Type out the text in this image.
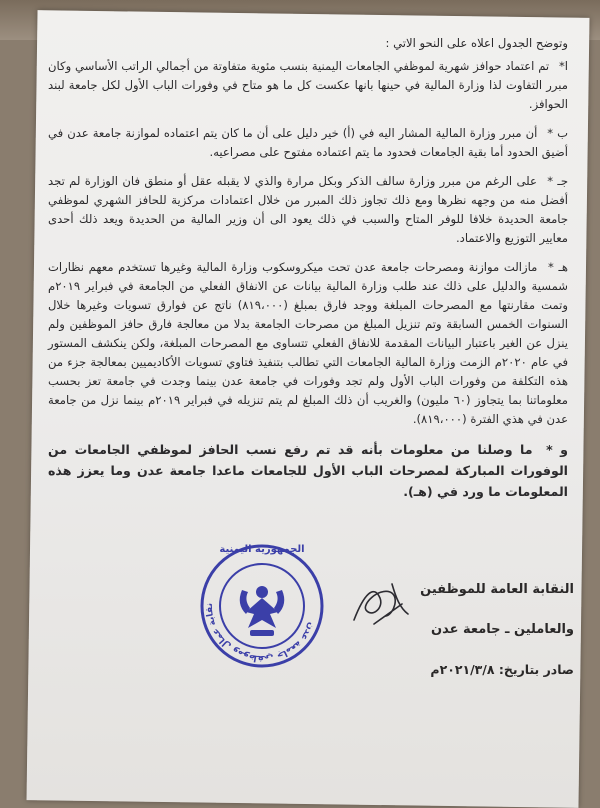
وتوضح الجدول اعلاه على النحو الاتي :

ا* تم اعتماد حوافز شهرية لموظفي الجامعات اليمنية بنسب مئوية متفاوتة من أجمالي الراتب الأساسي وكان مبرر التفاوت لذا وزارة المالية في حينها بانها عكست كل ما هو متاح في وفورات الباب الأول لكل جامعة لبند الحوافز.

ب * أن مبرر وزارة المالية المشار اليه في (أ) خير دليل على أن ما كان يتم اعتماده لموازنة جامعة عدن في أضيق الحدود أما بقية الجامعات فحدود ما يتم اعتماده مفتوح على مصراعيه.

جـ * على الرغم من مبرر وزارة سالف الذكر وبكل مرارة والذي لا يقبله عقل أو منطق فان الوزارة لم تجد أفضل منه من وجهه نظرها ومع ذلك تجاوز ذلك المبرر من خلال اعتمادات مركزية للحافز الشهري لموظفي جامعة الحديدة خلافا للوفر المتاح والسبب في ذلك يعود الى أن وزير المالية من الحديدة ويعد ذلك أحدى معايير التوزيع والاعتماد.

هـ * مازالت موازنة ومصرحات جامعة عدن تحت ميكروسكوب وزارة المالية وغيرها تستخدم معهم نظارات شمسية والدليل على ذلك عند طلب وزارة المالية بيانات عن الانفاق الفعلي من الجامعة في فبراير ٢٠١٩م وتمت مقارنتها مع المصرحات المبلغة ووجد فارق بمبلغ (٨١٩،٠٠٠) ناتج عن فوارق تسويات وغيرها خلال السنوات الخمس السابقة وتم تنزيل المبلغ من مصرحات الجامعة بدلا من معالجة فارق حافز الموظفين ولم ينزل عن الغير باعتبار البيانات المقدمة للانفاق الفعلي تتساوى مع المصرحات المبلغة، ولكن ينكشف المستور في عام ٢٠٢٠م الزمت وزارة المالية الجامعات التي تطالب بتنفيذ فتاوي تسويات الأكاديميين بمعالجة جزء من هذه التكلفة من وفورات الباب الأول ولم تجد وفورات في جامعة عدن بينما وجدت في جامعة تعز بحسب معلوماتنا بما يتجاوز (٦٠ مليون) والغريب أن ذلك المبلغ لم يتم تنزيله في فبراير ٢٠١٩م بينما نزل من جامعة عدن في هذي الفترة (٨١٩،٠٠٠).

و * ما وصلنا من معلومات بأنه قد تم رفع نسب الحافز لموظفي الجامعات من الوفورات المباركة لمصرحات الباب الأول للجامعات ماعدا جامعة عدن وما يعزز هذه المعلومات ما ورد في (هـ).

النقابة العامة للموظفين
والعاملين ـ جامعة عدن
صادر بتاريخ: ٢٠٢١/٣/٨م
نقابة عمال وموظفي جامعة عدن
الجمهورية اليمنية
